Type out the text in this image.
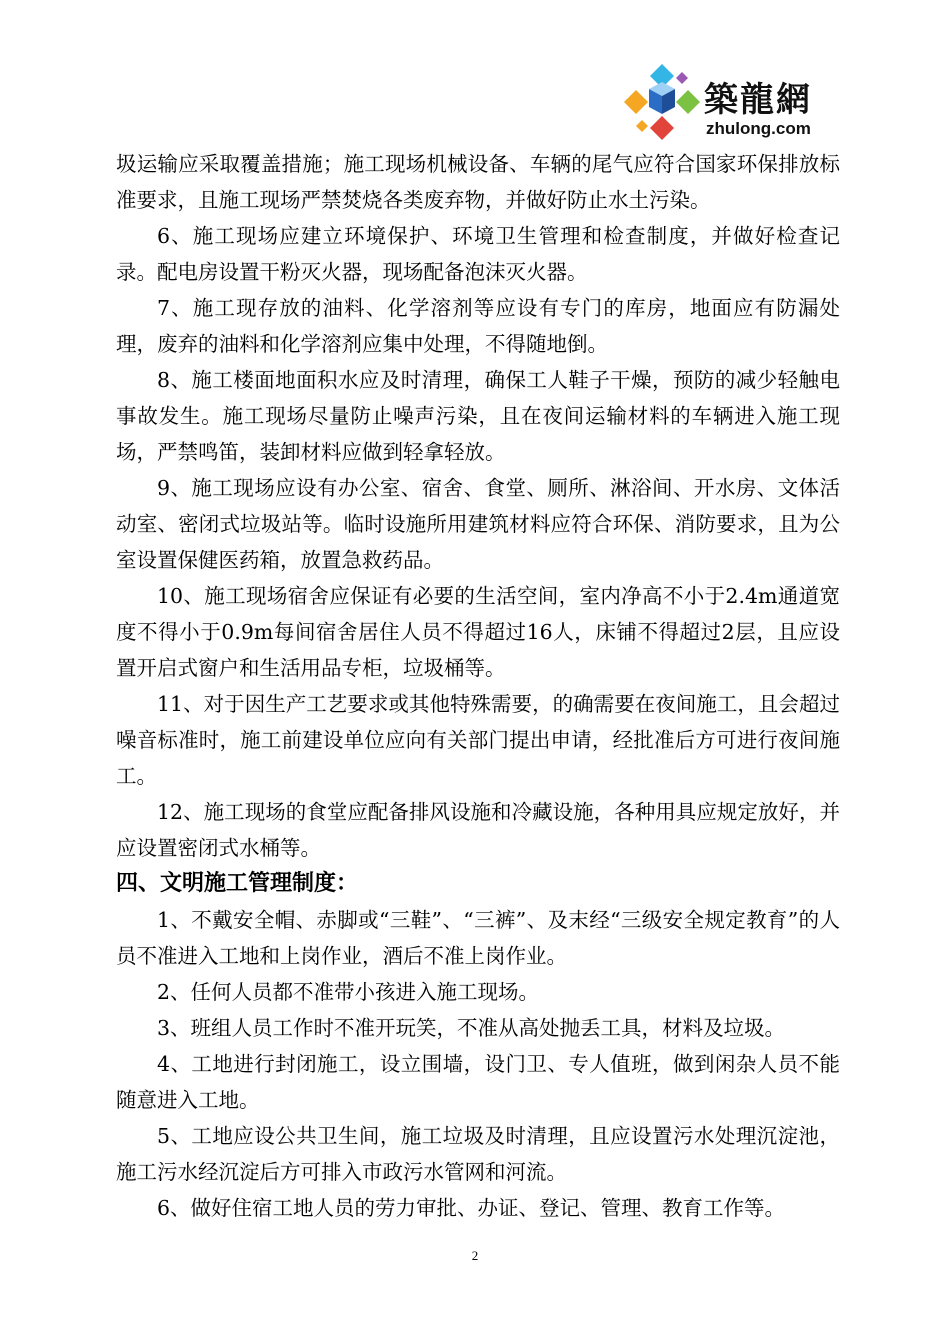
築龍網
zhulong.com

圾运输应采取覆盖措施；施工现场机械设备、车辆的尾气应符合国家环保排放标准要求，且施工现场严禁焚烧各类废弃物，并做好防止水土污染。

6、施工现场应建立环境保护、环境卫生管理和检查制度，并做好检查记录。配电房设置干粉灭火器，现场配备泡沫灭火器。

7、施工现存放的油料、化学溶剂等应设有专门的库房，地面应有防漏处理，废弃的油料和化学溶剂应集中处理，不得随地倒。

8、施工楼面地面积水应及时清理，确保工人鞋子干燥，预防的减少轻触电事故发生。施工现场尽量防止噪声污染，且在夜间运输材料的车辆进入施工现场，严禁鸣笛，装卸材料应做到轻拿轻放。

9、施工现场应设有办公室、宿舍、食堂、厕所、淋浴间、开水房、文体活动室、密闭式垃圾站等。临时设施所用建筑材料应符合环保、消防要求，且为公室设置保健医药箱，放置急救药品。

10、施工现场宿舍应保证有必要的生活空间，室内净高不小于2.4m通道宽度不得小于0.9m每间宿舍居住人员不得超过16人，床铺不得超过2层，且应设置开启式窗户和生活用品专柜，垃圾桶等。

11、对于因生产工艺要求或其他特殊需要，的确需要在夜间施工，且会超过噪音标准时，施工前建设单位应向有关部门提出申请，经批准后方可进行夜间施工。

12、施工现场的食堂应配备排风设施和冷藏设施，各种用具应规定放好，并应设置密闭式水桶等。

四、文明施工管理制度：

1、不戴安全帽、赤脚或“三鞋”、“三裤”、及末经“三级安全规定教育”的人员不准进入工地和上岗作业，酒后不准上岗作业。

2、任何人员都不准带小孩进入施工现场。

3、班组人员工作时不准开玩笑，不准从高处抛丢工具，材料及垃圾。

4、工地进行封闭施工，设立围墙，设门卫、专人值班，做到闲杂人员不能随意进入工地。

5、工地应设公共卫生间，施工垃圾及时清理，且应设置污水处理沉淀池，施工污水经沉淀后方可排入市政污水管网和河流。

6、做好住宿工地人员的劳力审批、办证、登记、管理、教育工作等。

2
